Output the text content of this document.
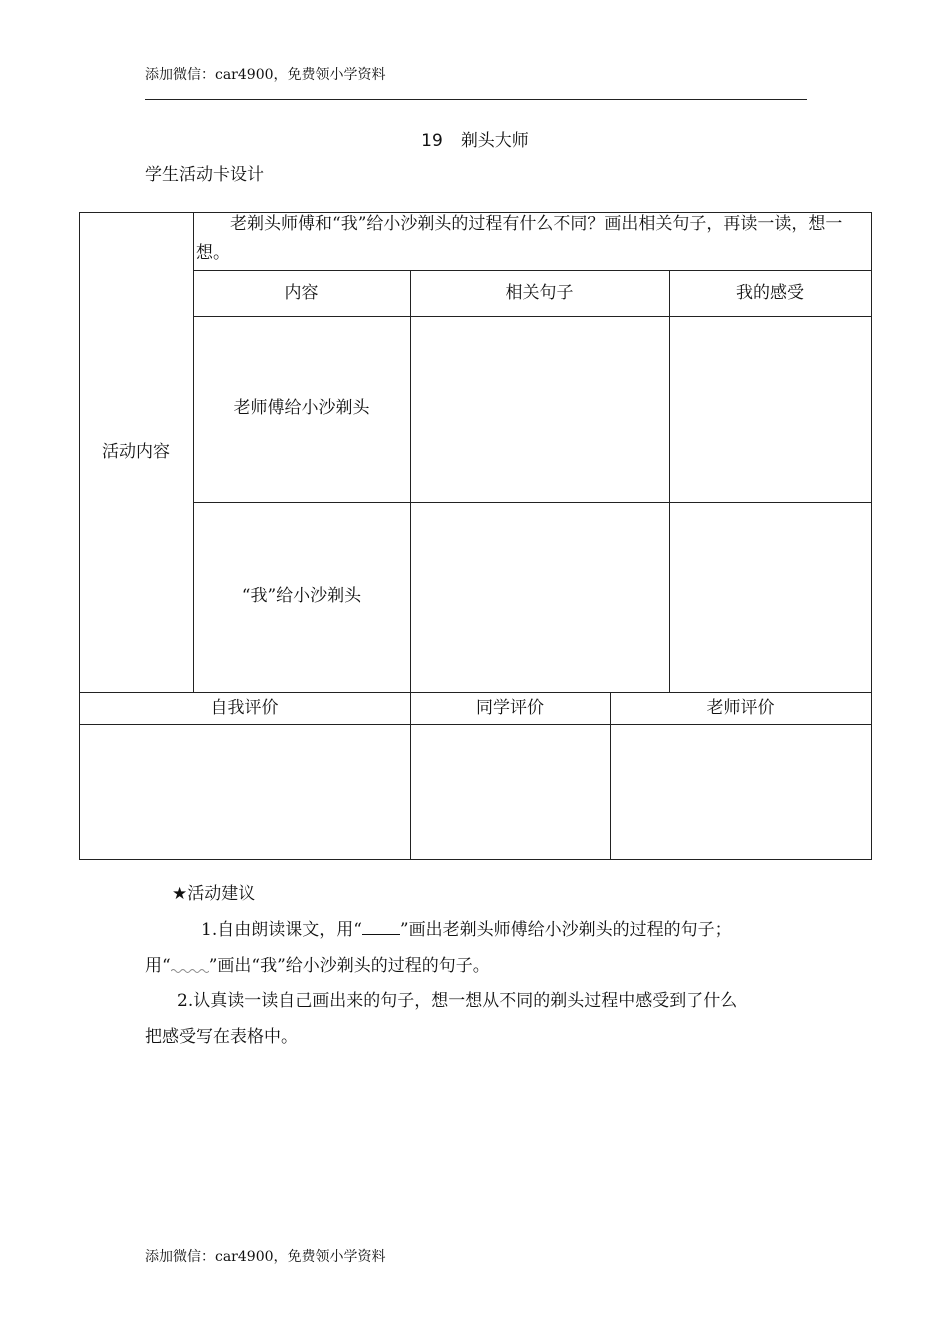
添加微信：car4900，免费领小学资料
19 剃头大师
学生活动卡设计
活动内容
老剃头师傅和“我”给小沙剃头的过程有什么不同？画出相关句子，再读一读，想一想。
内容	相关句子	我的感受
老师傅给小沙剃头
“我”给小沙剃头
自我评价	同学评价	老师评价
★活动建议
1.自由朗读课文，用“ ”画出老剃头师傅给小沙剃头的过程的句子；
用“ ”画出“我”给小沙剃头的过程的句子。
2.认真读一读自己画出来的句子，想一想从不同的剃头过程中感受到了什么
把感受写在表格中。
添加微信：car4900，免费领小学资料
